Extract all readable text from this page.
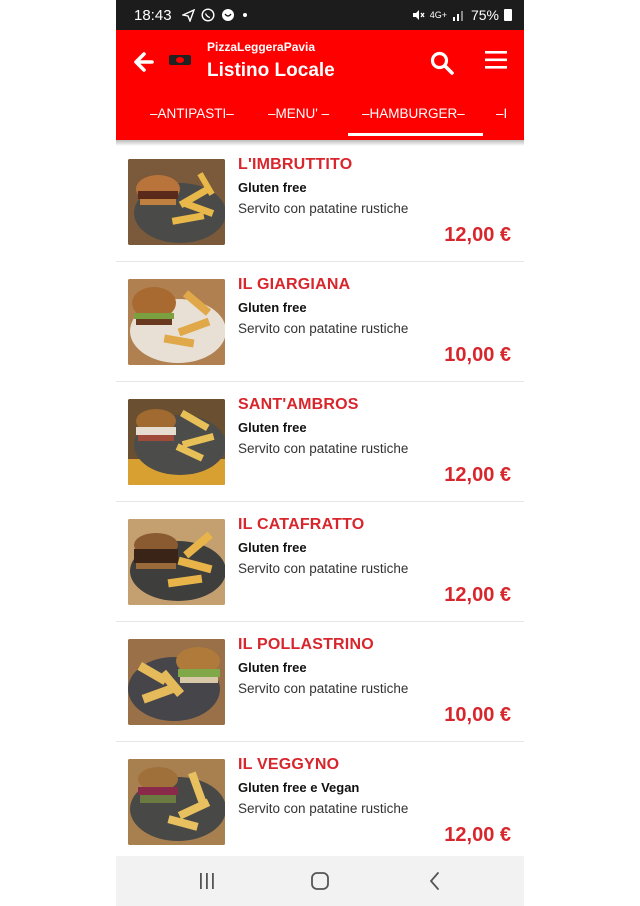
18:43	4G+ 75%
PizzaLeggeraPavia
Listino Locale
–ANTIPASTI–	–MENU' – –HAMBURGER– –I
L'IMBRUTTITO
Gluten free
Servito con patatine rustiche
12,00 €
IL GIARGIANA
Gluten free
Servito con patatine rustiche
10,00 €
SANT'AMBROS
Gluten free
Servito con patatine rustiche
12,00 €
IL CATAFRATTO
Gluten free
Servito con patatine rustiche
12,00 €
IL POLLASTRINO
Gluten free
Servito con patatine rustiche
10,00 €
IL VEGGYNO
Gluten free e Vegan
Servito con patatine rustiche
12,00 €
